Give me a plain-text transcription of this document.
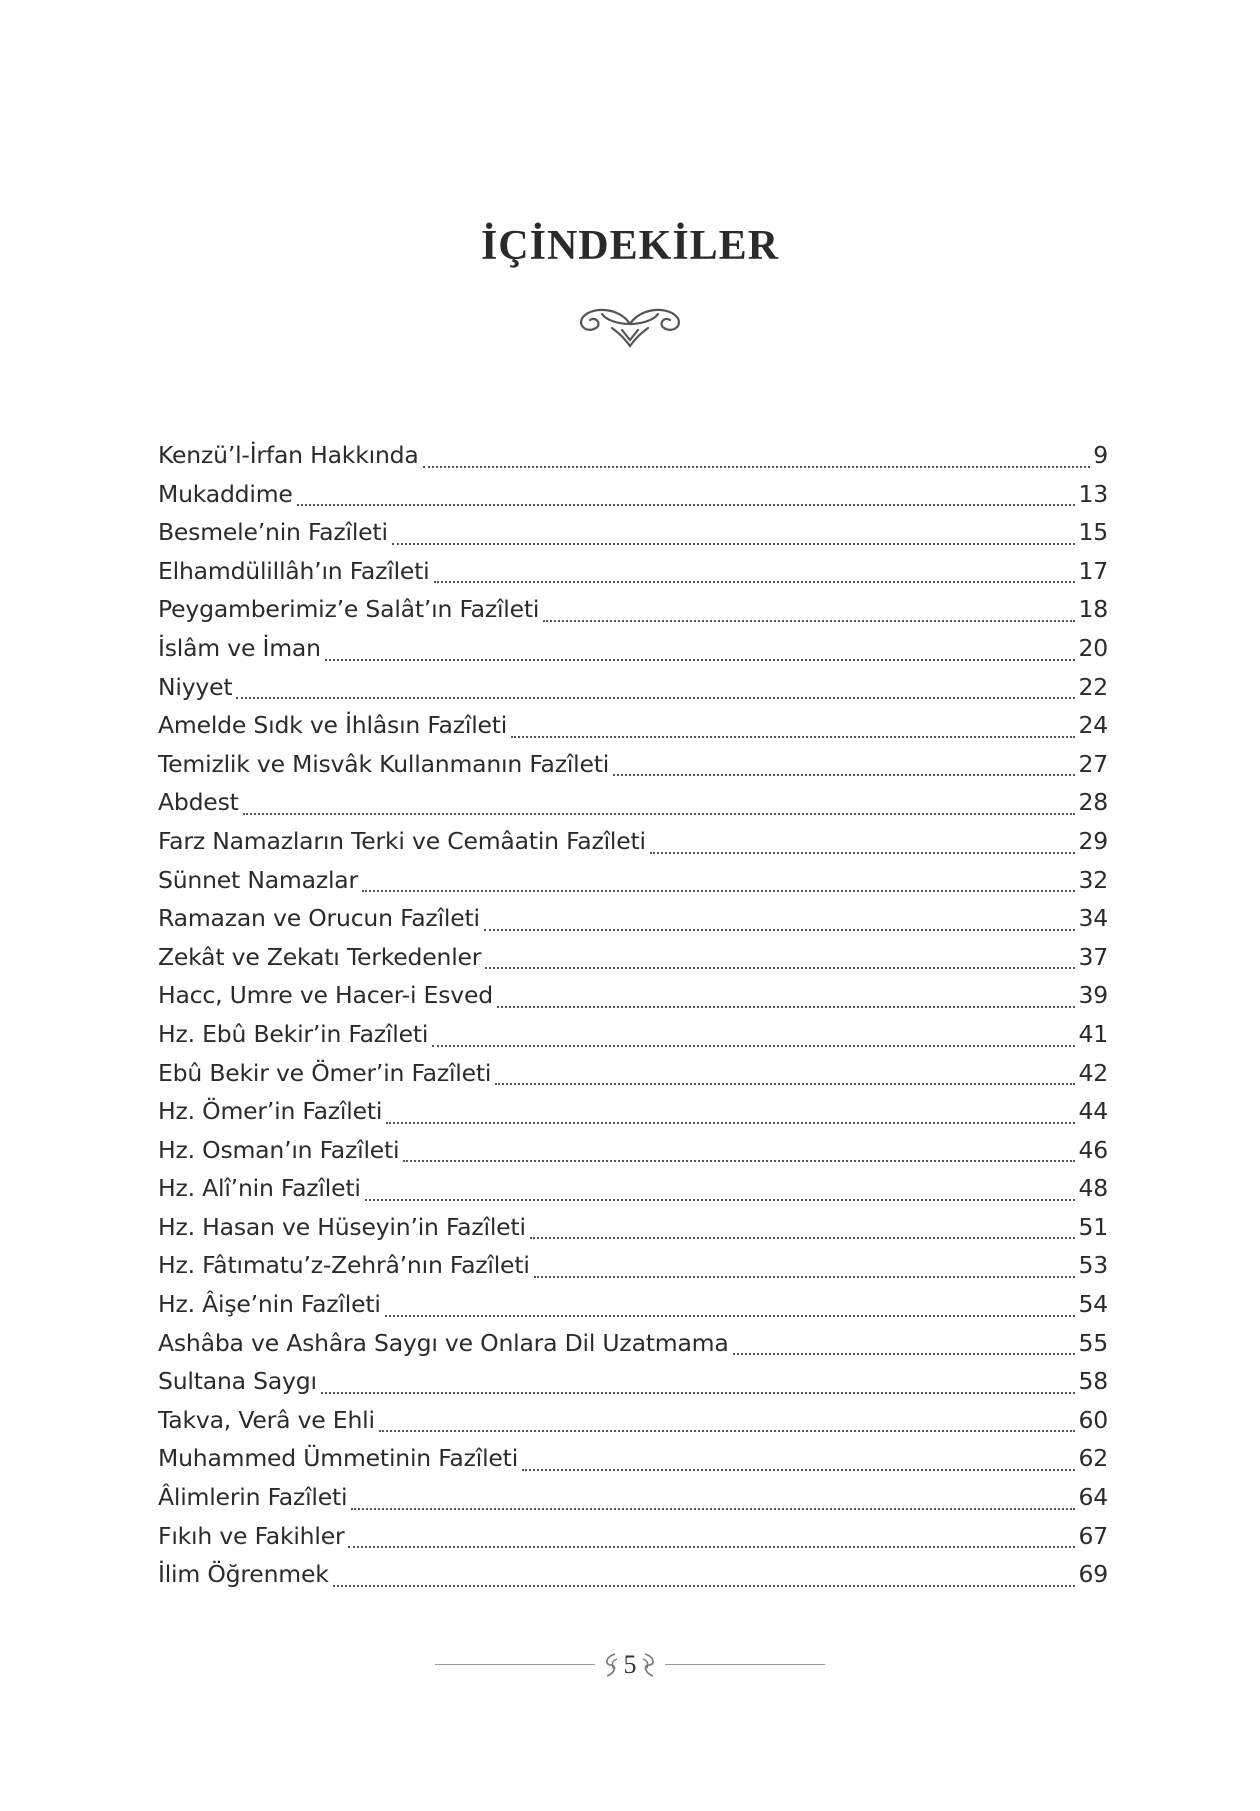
İÇİNDEKİLER
Kenzü’l-İrfan Hakkında	9
Mukaddime	13
Besmele’nin Fazîleti	15
Elhamdülillâh’ın Fazîleti	17
Peygamberimiz’e Salât’ın Fazîleti	18
İslâm ve İman	20
Niyyet	22
Amelde Sıdk ve İhlâsın Fazîleti	24
Temizlik ve Misvâk Kullanmanın Fazîleti	27
Abdest	28
Farz Namazların Terki ve Cemâatin Fazîleti	29
Sünnet Namazlar	32
Ramazan ve Orucun Fazîleti	34
Zekât ve Zekatı Terkedenler	37
Hacc, Umre ve Hacer-i Esved	39
Hz. Ebû Bekir’in Fazîleti	41
Ebû Bekir ve Ömer’in Fazîleti	42
Hz. Ömer’in Fazîleti	44
Hz. Osman’ın Fazîleti	46
Hz. Alî’nin Fazîleti	48
Hz. Hasan ve Hüseyin’in Fazîleti	51
Hz. Fâtımatu’z-Zehrâ’nın Fazîleti	53
Hz. Âişe’nin Fazîleti	54
Ashâba ve Ashâra Saygı ve Onlara Dil Uzatmama	55
Sultana Saygı	58
Takva, Verâ ve Ehli	60
Muhammed Ümmetinin Fazîleti	62
Âlimlerin Fazîleti	64
Fıkıh ve Fakihler	67
İlim Öğrenmek	69
5
